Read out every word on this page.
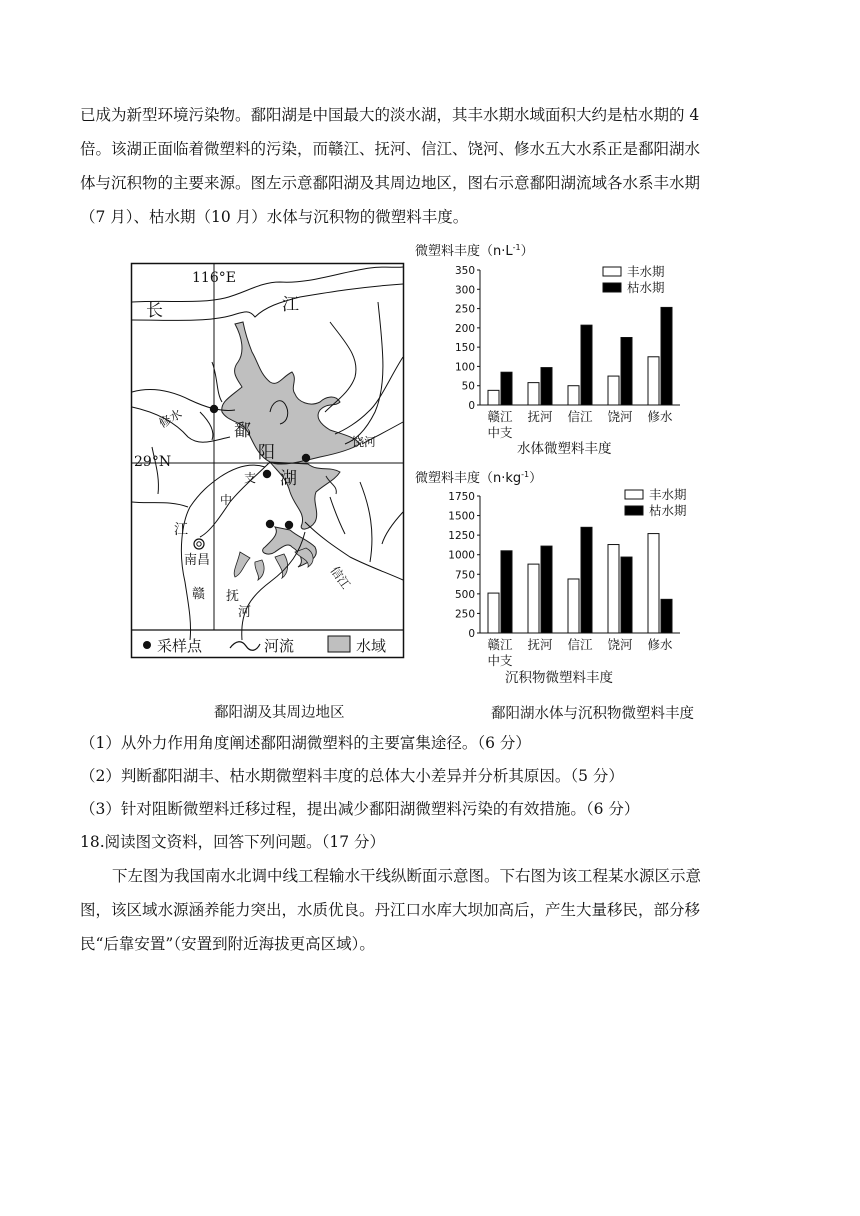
已成为新型环境污染物。鄱阳湖是中国最大的淡水湖，其丰水期水域面积大约是枯水期的 4
倍。该湖正面临着微塑料的污染，而赣江、抚河、信江、饶河、修水五大水系正是鄱阳湖水
体与沉积物的主要来源。图左示意鄱阳湖及其周边地区，图右示意鄱阳湖流域各水系丰水期
（7 月）、枯水期（10 月）水体与沉积物的微塑料丰度。
116°E
29°N
长	江
鄱
阳
湖
修水
饶河
支
中
江
南昌
赣 抚
河
信江
采样点	河流	水域
鄱阳湖及其周边地区
微塑料丰度$(n\cdot L^{-1})$
0
50
100
150
200
250
300
350
赣江
中支
抚河 信江 饶河 修水
丰水期
枯水期
水体微塑料丰度
微塑料丰度$(n\cdot kg^{-1})$
0
250
500
750
1000
1250
1500
1750
赣江
中支
抚河 信江 饶河 修水
丰水期
枯水期
沉积物微塑料丰度
鄱阳湖水体与沉积物微塑料丰度
（1）从外力作用角度阐述鄱阳湖微塑料的主要富集途径。（6 分）
（2）判断鄱阳湖丰、枯水期微塑料丰度的总体大小差异并分析其原因。（5 分）
（3）针对阻断微塑料迁移过程，提出减少鄱阳湖微塑料污染的有效措施。（6 分）
18.阅读图文资料，回答下列问题。（17 分）
下左图为我国南水北调中线工程输水干线纵断面示意图。下右图为该工程某水源区示意
图，该区域水源涵养能力突出，水质优良。丹江口水库大坝加高后，产生大量移民，部分移
民“后靠安置”（安置到附近海拔更高区域）。
